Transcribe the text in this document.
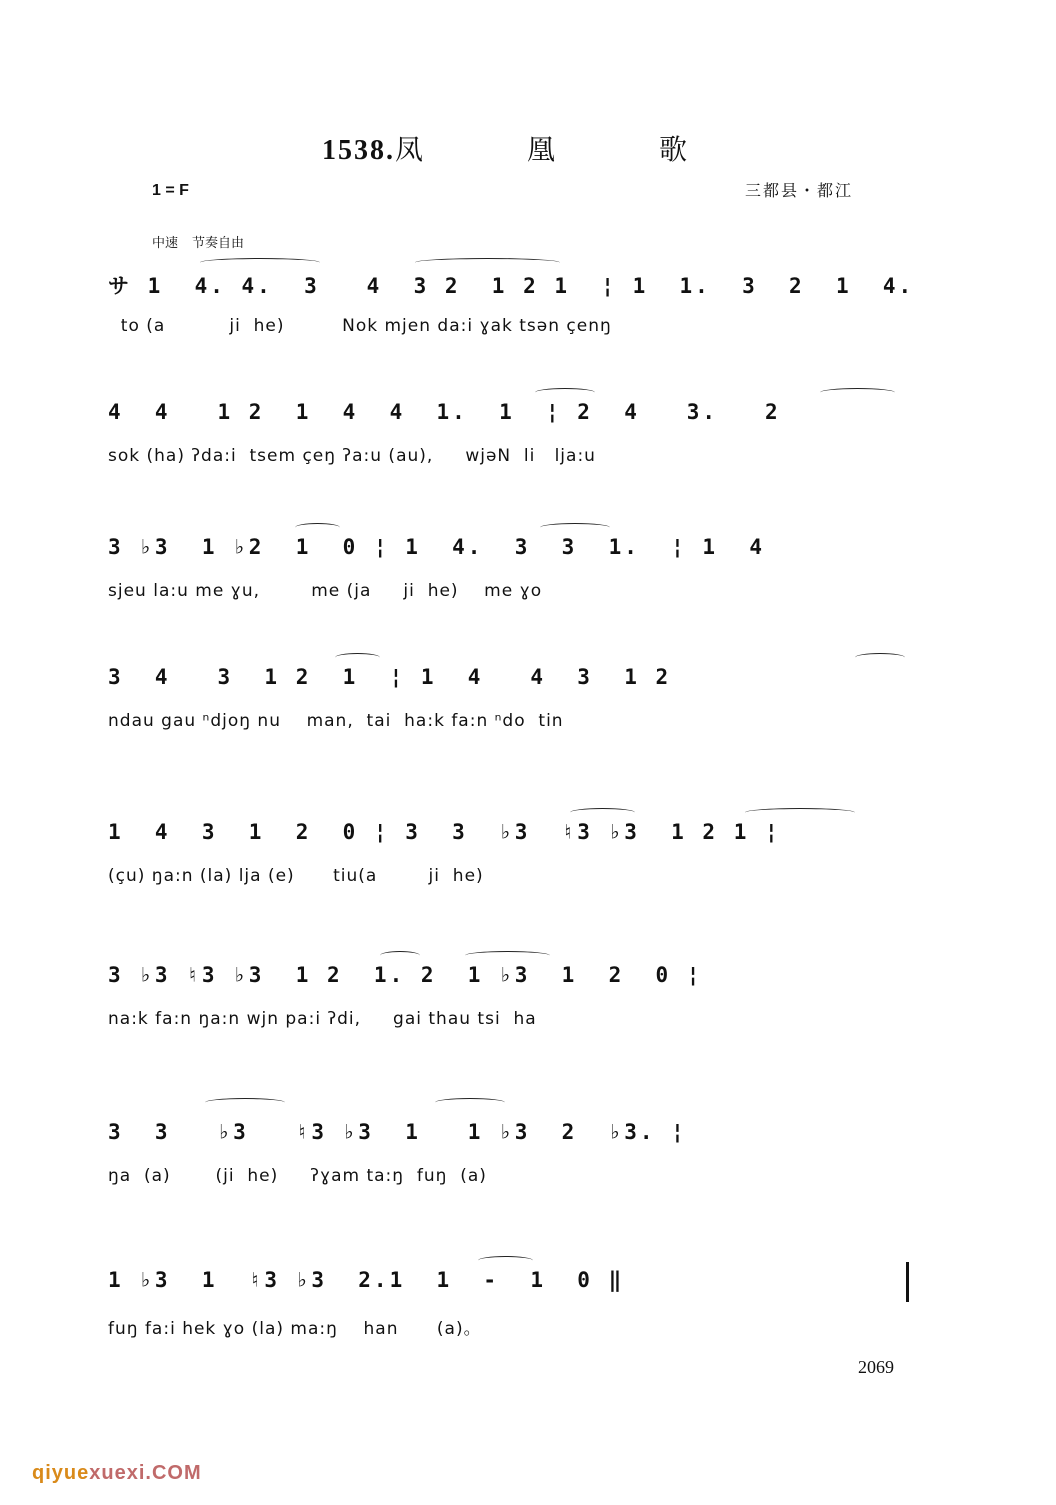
1538.凤　凰　歌
1 = F	三都县・都江
中速 节奏自由
サ 1  4. 4.  3   4  3 2  1 2 1  ¦ 1  1.  3  2  1  4.
to (a          ji  he)         Nok mjen da:i ɣak tsən çenŋ
4  4   1 2  1  4  4  1.  1  ¦ 2  4   3.   2
sok (ha) ʔda:i  tsem çeŋ ʔa:u (au),     wjəN  li   lja:u
3 ♭3  1 ♭2  1  0 ¦ 1  4.  3  3  1.  ¦ 1  4
sjeu la:u me ɣu,        me (ja     ji  he)    me ɣo
3  4   3  1 2  1  ¦ 1  4   4  3  1 2
ndau gau ⁿdjoŋ nu    man,  tai  ha:k fa:n ⁿdo  tin
1  4  3  1  2  0 ¦ 3  3  ♭3  ♮3 ♭3  1 2 1 ¦
(çu) ŋa:n (la) lja (e)      tiu(a        ji  he)
3 ♭3 ♮3 ♭3  1 2  1. 2  1 ♭3  1  2  0 ¦
na:k fa:n ŋa:n wjn pa:i ʔdi,     gai thau tsi  ha
3  3   ♭3   ♮3 ♭3  1   1 ♭3  2  ♭3. ¦
ŋa  (a)       (ji  he)     ʔɣam ta:ŋ  fuŋ  (a)
1 ♭3  1  ♮3 ♭3  2.1  1  -  1  0 ‖
fuŋ fa:i hek ɣo (la) ma:ŋ    han      (a)。
2069
qiyuexuexi.COM
